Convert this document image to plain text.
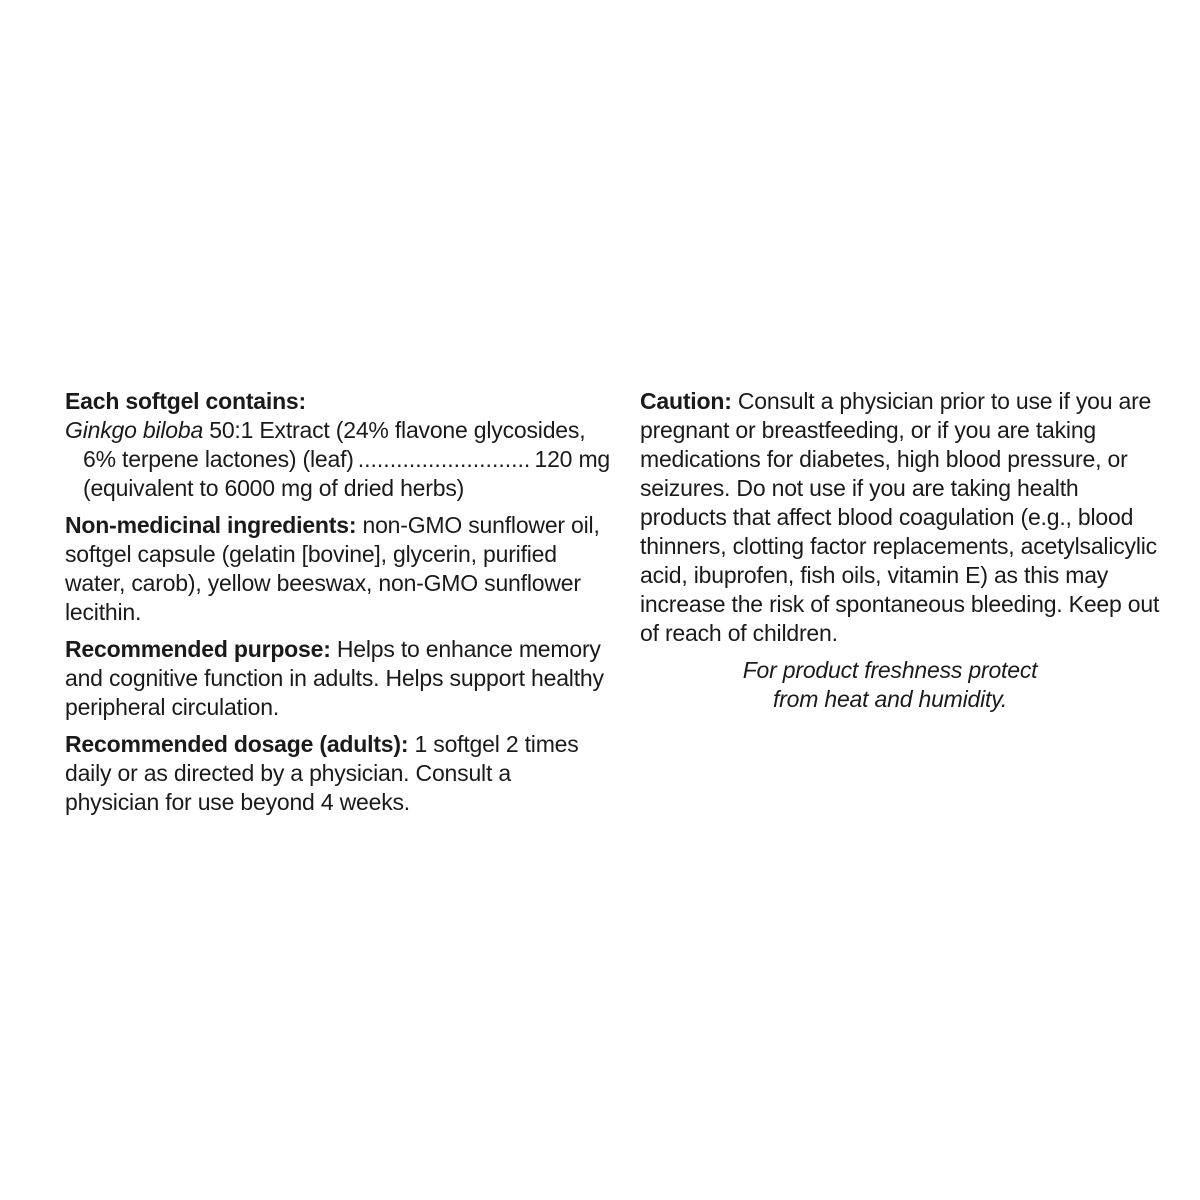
Each softgel contains:
Ginkgo biloba 50:1 Extract (24% flavone glycosides,
6% terpene lactones) (leaf)
.....	120 mg
(equivalent to 6000 mg of dried herbs)
Non-medicinal ingredients: non-GMO sunflower oil, softgel capsule (gelatin [bovine], glycerin, purified water, carob), yellow beeswax, non-GMO sunflower lecithin.
Recommended purpose: Helps to enhance memory and cognitive function in adults. Helps support healthy peripheral circulation.
Recommended dosage (adults): 1 softgel 2 times daily or as directed by a physician. Consult a physician for use beyond 4 weeks.
Caution: Consult a physician prior to use if you are pregnant or breastfeeding, or if you are taking medications for diabetes, high blood pressure, or seizures. Do not use if you are taking health products that affect blood coagulation (e.g., blood thinners, clotting factor replacements, acetylsalicylic acid, ibuprofen, fish oils, vitamin E) as this may increase the risk of spontaneous bleeding. Keep out of reach of children.
For product freshness protect
from heat and humidity.
